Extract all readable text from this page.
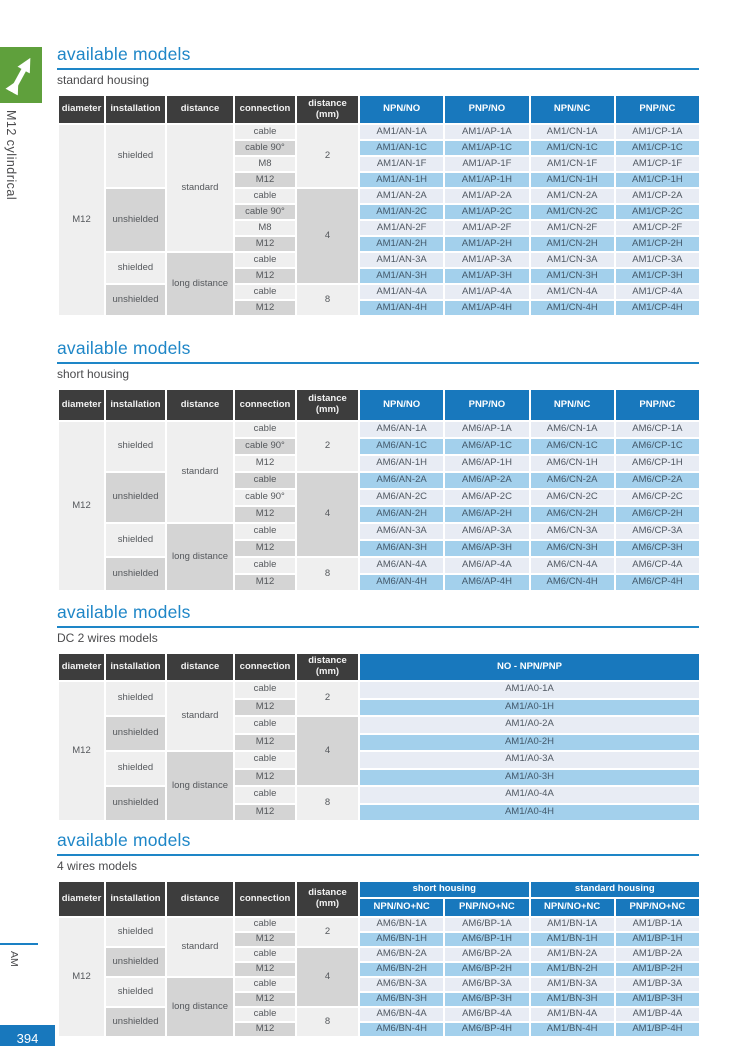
M12 cylindrical
AM
394
available models

standard housing

diameter	installation	distance	connection	distance (mm)	NPN/NO	PNP/NO	NPN/NC	PNP/NC
M12	shielded	standard	cable	2	AM1/AN-1A	AM1/AP-1A	AM1/CN-1A	AM1/CP-1A
			cable 90°		AM1/AN-1C	AM1/AP-1C	AM1/CN-1C	AM1/CP-1C
			M8		AM1/AN-1F	AM1/AP-1F	AM1/CN-1F	AM1/CP-1F
			M12		AM1/AN-1H	AM1/AP-1H	AM1/CN-1H	AM1/CP-1H
	unshielded		cable	4	AM1/AN-2A	AM1/AP-2A	AM1/CN-2A	AM1/CP-2A
			cable 90°		AM1/AN-2C	AM1/AP-2C	AM1/CN-2C	AM1/CP-2C
			M8		AM1/AN-2F	AM1/AP-2F	AM1/CN-2F	AM1/CP-2F
			M12		AM1/AN-2H	AM1/AP-2H	AM1/CN-2H	AM1/CP-2H
	shielded	long distance	cable		AM1/AN-3A	AM1/AP-3A	AM1/CN-3A	AM1/CP-3A
			M12		AM1/AN-3H	AM1/AP-3H	AM1/CN-3H	AM1/CP-3H
	unshielded		cable	8	AM1/AN-4A	AM1/AP-4A	AM1/CN-4A	AM1/CP-4A
			M12		AM1/AN-4H	AM1/AP-4H	AM1/CN-4H	AM1/CP-4H
available models

short housing

diameter	installation	distance	connection	distance (mm)	NPN/NO	PNP/NO	NPN/NC	PNP/NC
M12	shielded	standard	cable	2	AM6/AN-1A	AM6/AP-1A	AM6/CN-1A	AM6/CP-1A
			cable 90°		AM6/AN-1C	AM6/AP-1C	AM6/CN-1C	AM6/CP-1C
			M12		AM6/AN-1H	AM6/AP-1H	AM6/CN-1H	AM6/CP-1H
	unshielded		cable	4	AM6/AN-2A	AM6/AP-2A	AM6/CN-2A	AM6/CP-2A
			cable 90°		AM6/AN-2C	AM6/AP-2C	AM6/CN-2C	AM6/CP-2C
			M12		AM6/AN-2H	AM6/AP-2H	AM6/CN-2H	AM6/CP-2H
	shielded	long distance	cable		AM6/AN-3A	AM6/AP-3A	AM6/CN-3A	AM6/CP-3A
			M12		AM6/AN-3H	AM6/AP-3H	AM6/CN-3H	AM6/CP-3H
	unshielded		cable	8	AM6/AN-4A	AM6/AP-4A	AM6/CN-4A	AM6/CP-4A
			M12		AM6/AN-4H	AM6/AP-4H	AM6/CN-4H	AM6/CP-4H
available models

DC 2 wires models

diameter	installation	distance	connection	distance (mm)	NO - NPN/PNP
M12	shielded	standard	cable	2	AM1/A0-1A
			M12		AM1/A0-1H
	unshielded		cable	4	AM1/A0-2A
			M12		AM1/A0-2H
	shielded	long distance	cable		AM1/A0-3A
			M12		AM1/A0-3H
	unshielded		cable	8	AM1/A0-4A
			M12		AM1/A0-4H
available models

4 wires models

diameter	installation	distance	connection	distance (mm)	short housing		standard housing	
					NPN/NO+NC	PNP/NO+NC	NPN/NO+NC	PNP/NO+NC
M12	shielded	standard	cable	2	AM6/BN-1A	AM6/BP-1A	AM1/BN-1A	AM1/BP-1A
			M12		AM6/BN-1H	AM6/BP-1H	AM1/BN-1H	AM1/BP-1H
	unshielded		cable	4	AM6/BN-2A	AM6/BP-2A	AM1/BN-2A	AM1/BP-2A
			M12		AM6/BN-2H	AM6/BP-2H	AM1/BN-2H	AM1/BP-2H
	shielded	long distance	cable		AM6/BN-3A	AM6/BP-3A	AM1/BN-3A	AM1/BP-3A
			M12		AM6/BN-3H	AM6/BP-3H	AM1/BN-3H	AM1/BP-3H
	unshielded		cable	8	AM6/BN-4A	AM6/BP-4A	AM1/BN-4A	AM1/BP-4A
			M12		AM6/BN-4H	AM6/BP-4H	AM1/BN-4H	AM1/BP-4H
